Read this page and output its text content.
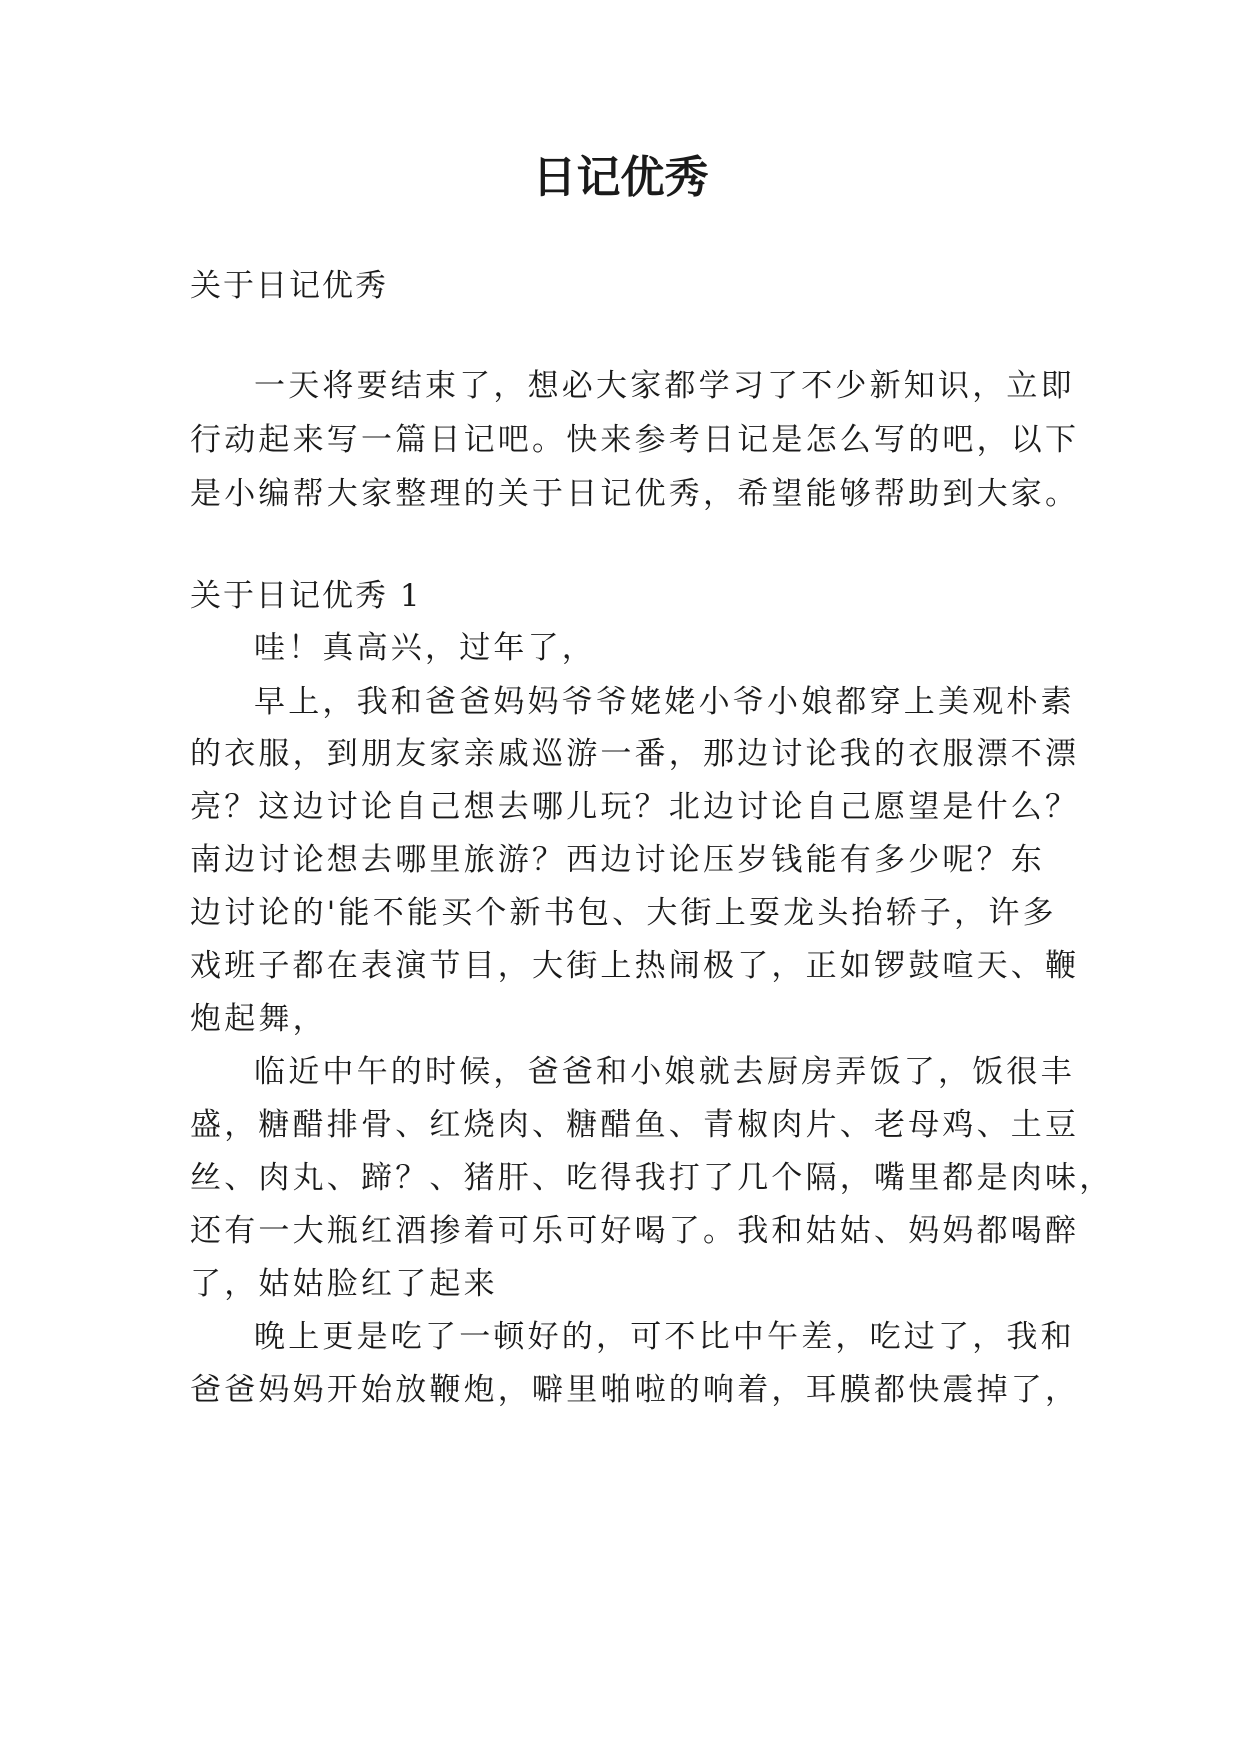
日记优秀

关于日记优秀

一天将要结束了，想必大家都学习了不少新知识，立即

行动起来写一篇日记吧。快来参考日记是怎么写的吧，以下

是小编帮大家整理的关于日记优秀，希望能够帮助到大家。

关于日记优秀 1

哇！真高兴，过年了，

早上，我和爸爸妈妈爷爷姥姥小爷小娘都穿上美观朴素

的衣服，到朋友家亲戚巡游一番，那边讨论我的衣服漂不漂

亮？这边讨论自己想去哪儿玩？北边讨论自己愿望是什么？

南边讨论想去哪里旅游？西边讨论压岁钱能有多少呢？东

边讨论的'能不能买个新书包、大街上耍龙头抬轿子，许多

戏班子都在表演节目，大街上热闹极了，正如锣鼓喧天、鞭

炮起舞，

临近中午的时候，爸爸和小娘就去厨房弄饭了，饭很丰

盛，糖醋排骨、红烧肉、糖醋鱼、青椒肉片、老母鸡、土豆

丝、肉丸、蹄？、猪肝、吃得我打了几个隔，嘴里都是肉味，

还有一大瓶红酒掺着可乐可好喝了。我和姑姑、妈妈都喝醉

了，姑姑脸红了起来

晚上更是吃了一顿好的，可不比中午差，吃过了，我和

爸爸妈妈开始放鞭炮，噼里啪啦的响着，耳膜都快震掉了，
